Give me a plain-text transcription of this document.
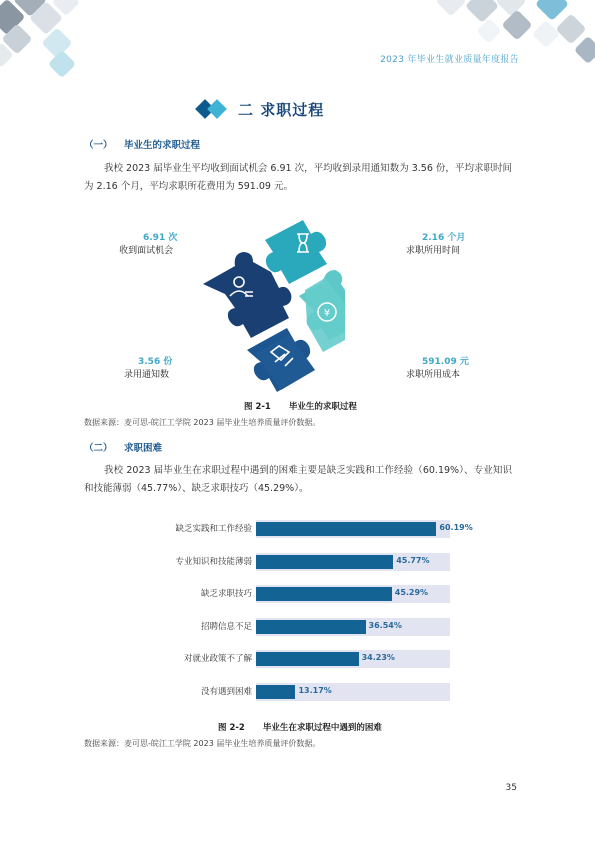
2023 年毕业生就业质量年度报告
二 求职过程
（一） 毕业生的求职过程
我校 2023 届毕业生平均收到面试机会 6.91 次，平均收到录用通知数为 3.56 份，平均求职时间为 2.16 个月，平均求职所花费用为 591.09 元。
¥
6.91 次
收到面试机会
2.16 个月
求职所用时间
3.56 份
录用通知数
591.09 元
求职所用成本
图 2-1 毕业生的求职过程
数据来源：麦可思-皖江工学院 2023 届毕业生培养质量评价数据。
（二） 求职困难
我校 2023 届毕业生在求职过程中遇到的困难主要是缺乏实践和工作经验（60.19%）、专业知识和技能薄弱（45.77%）、缺乏求职技巧（45.29%）。
缺乏实践和工作经验	60.19%
专业知识和技能薄弱	45.77%
缺乏求职技巧	45.29%
招聘信息不足	36.54%
对就业政策不了解	34.23%
没有遇到困难	13.17%
图 2-2 毕业生在求职过程中遇到的困难
数据来源：麦可思-皖江工学院 2023 届毕业生培养质量评价数据。
35
